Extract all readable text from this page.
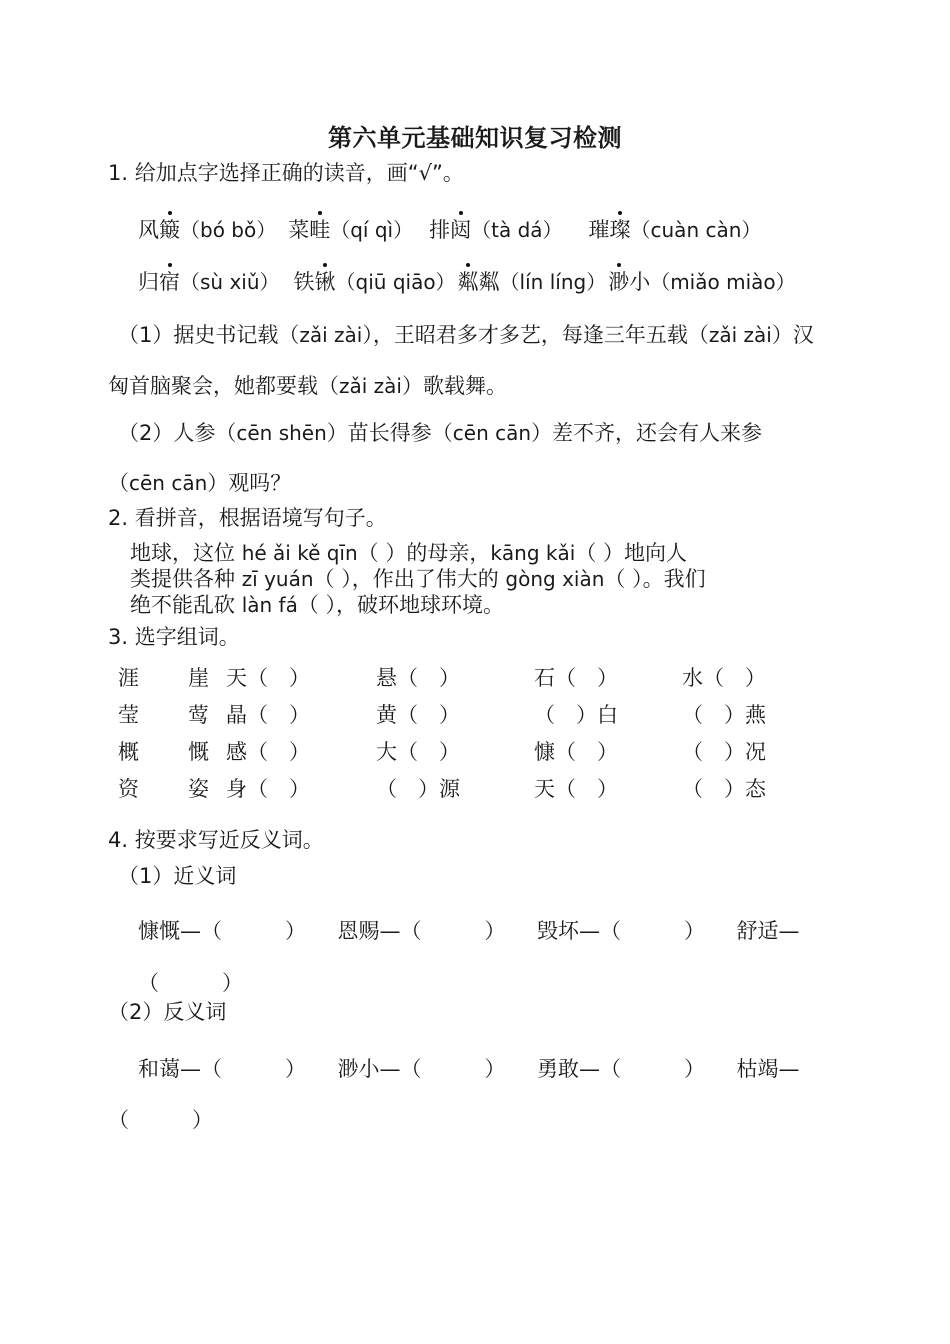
第六单元基础知识复习检测
1. 给加点字选择正确的读音，画“√”。
风簸（bó bǒ） 菜畦（qí qì） 排闼（tà dá） 璀璨（cuàn càn）
归宿（sù xiǔ） 铁锹（qiū qiāo）粼粼（lín líng）渺小（miǎo miào）
（1）据史书记载（zǎi zài），王昭君多才多艺，每逢三年五载（zǎi zài）汉
匈首脑聚会，她都要载（zǎi zài）歌载舞。
（2）人参（cēn shēn）苗长得参（cēn cān）差不齐，还会有人来参
（cēn cān）观吗？
2. 看拼音，根据语境写句子。
地球，这位 hé ǎi kě qīn（ ）的母亲，kāng kǎi（ ）地向人
类提供各种 zī yuán（ ），作出了伟大的 gòng xiàn（ ）。我们
绝不能乱砍 làn fá（ ），破环地球环境。
3. 选字组词。
涯　崖	天（　）	悬（　）	石（　）	水（　）
莹　莺	晶（　）	黄（　）	（　）白	（　）燕
概　慨	感（　）	大（　）	慷（　）	（　）况
资　姿	身（　）	（　）源	天（　）	（　）态
4. 按要求写近反义词。
（1）近义词
慷慨—（　　　）　　恩赐—（　　　）　　毁坏—（　　　）　　舒适—
（　　　）
（2）反义词
和蔼—（　　　）　　渺小—（　　　）　　勇敢—（　　　）　　枯竭—
（　　　）
